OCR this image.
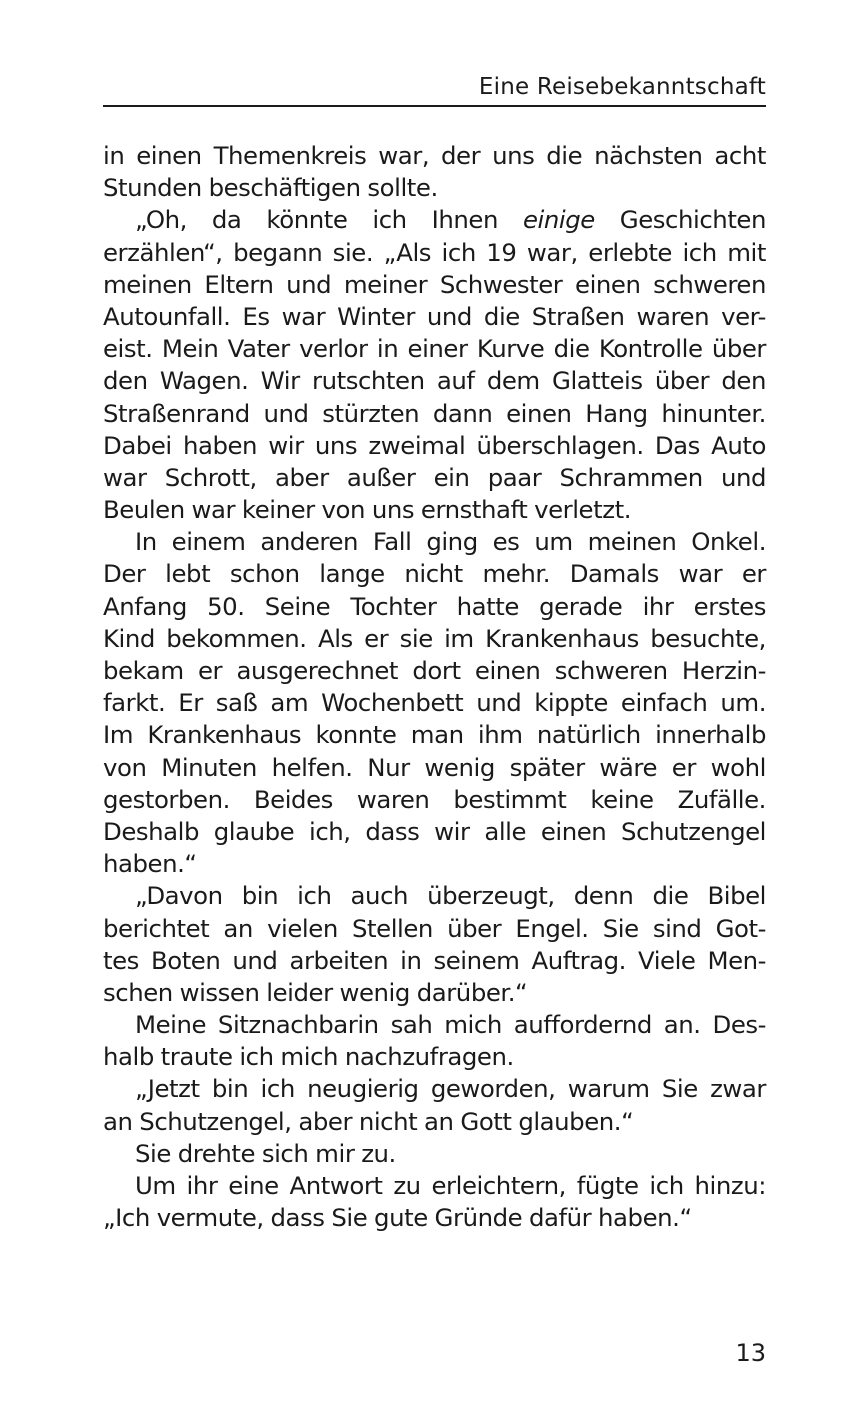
Eine Reisebekanntschaft
in einen Themenkreis war, der uns die nächsten acht
Stunden beschäftigen sollte.
„Oh, da könnte ich Ihnen einige Geschichten
erzählen“, begann sie. „Als ich 19 war, erlebte ich mit
meinen Eltern und meiner Schwester einen schweren
Autounfall. Es war Winter und die Straßen waren ver-
eist. Mein Vater verlor in einer Kurve die Kontrolle über
den Wagen. Wir rutschten auf dem Glatteis über den
Straßenrand und stürzten dann einen Hang hinunter.
Dabei haben wir uns zweimal überschlagen. Das Auto
war Schrott, aber außer ein paar Schrammen und
Beulen war keiner von uns ernsthaft verletzt.
In einem anderen Fall ging es um meinen Onkel.
Der lebt schon lange nicht mehr. Damals war er
Anfang 50. Seine Tochter hatte gerade ihr erstes
Kind bekommen. Als er sie im Krankenhaus besuchte,
bekam er ausgerechnet dort einen schweren Herzin-
farkt. Er saß am Wochenbett und kippte einfach um.
Im Krankenhaus konnte man ihm natürlich innerhalb
von Minuten helfen. Nur wenig später wäre er wohl
gestorben. Beides waren bestimmt keine Zufälle.
Deshalb glaube ich, dass wir alle einen Schutzengel
haben.“
„Davon bin ich auch überzeugt, denn die Bibel
berichtet an vielen Stellen über Engel. Sie sind Got-
tes Boten und arbeiten in seinem Auftrag. Viele Men-
schen wissen leider wenig darüber.“
Meine Sitznachbarin sah mich auffordernd an. Des-
halb traute ich mich nachzufragen.
„Jetzt bin ich neugierig geworden, warum Sie zwar
an Schutzengel, aber nicht an Gott glauben.“
Sie drehte sich mir zu.
Um ihr eine Antwort zu erleichtern, fügte ich hinzu:
„Ich vermute, dass Sie gute Gründe dafür haben.“
13
